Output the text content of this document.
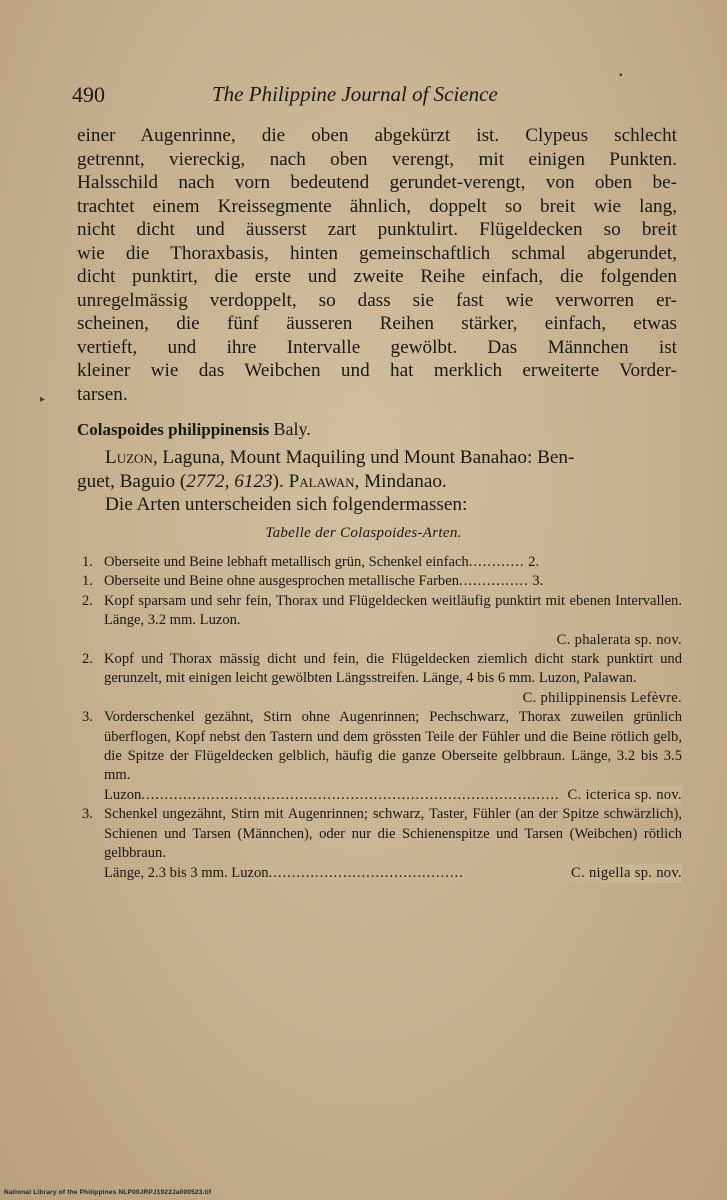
490	The Philippine Journal of Science
▪
▸
einer Augenrinne, die oben abgekürzt ist. Clypeus schlecht
getrennt, viereckig, nach oben verengt, mit einigen Punkten.
Halsschild nach vorn bedeutend gerundet-verengt, von oben be-
trachtet einem Kreissegmente ähnlich, doppelt so breit wie lang,
nicht dicht und äusserst zart punktulirt. Flügeldecken so breit
wie die Thoraxbasis, hinten gemeinschaftlich schmal abgerundet,
dicht punktirt, die erste und zweite Reihe einfach, die folgenden
unregelmässig verdoppelt, so dass sie fast wie verworren er-
scheinen, die fünf äusseren Reihen stärker, einfach, etwas
vertieft, und ihre Intervalle gewölbt. Das Männchen ist
kleiner wie das Weibchen und hat merklich erweiterte Vorder-
tarsen.
Colaspoides philippinensis Baly.
Luzon, Laguna, Mount Maquiling und Mount Banahao: Ben-
guet, Baguio (2772, 6123). Palawan, Mindanao.
Die Arten unterscheiden sich folgendermassen:
Tabelle der Colaspoides-Arten.
1. Oberseite und Beine lebhaft metallisch grün, Schenkel einfach............ 2.
1. Oberseite und Beine ohne ausgesprochen metallische Farben............... 3.
2. Kopf sparsam und sehr fein, Thorax und Flügeldecken weitläufig punktirt mit ebenen Intervallen. Länge, 3.2 mm. Luzon.
C. phalerata sp. nov.
2. Kopf und Thorax mässig dicht und fein, die Flügeldecken ziemlich dicht stark punktirt und gerunzelt, mit einigen leicht gewölbten Längsstreifen. Länge, 4 bis 6 mm. Luzon, Palawan.
C. philippinensis Lefèvre.
3. Vorderschenkel gezähnt, Stirn ohne Augenrinnen; Pechschwarz, Thorax zuweilen grünlich überflogen, Kopf nebst den Tastern und dem grössten Teile der Fühler und die Beine rötlich gelb, die Spitze der Flügeldecken gelblich, häufig die ganze Oberseite gelbbraun. Länge, 3.2 bis 3.5 mm.
Luzon.......................................................................................... C. icterica sp. nov.
3. Schenkel ungezähnt, Stirn mit Augenrinnen; schwarz, Taster, Fühler (an der Spitze schwärzlich), Schienen und Tarsen (Männchen), oder nur die Schienenspitze und Tarsen (Weibchen) rötlich gelbbraun.
Länge, 2.3 bis 3 mm. Luzon..........................................	C. nigella sp. nov.
National Library of the Philippines NLP00JRPJ1922Ja000523.tif
